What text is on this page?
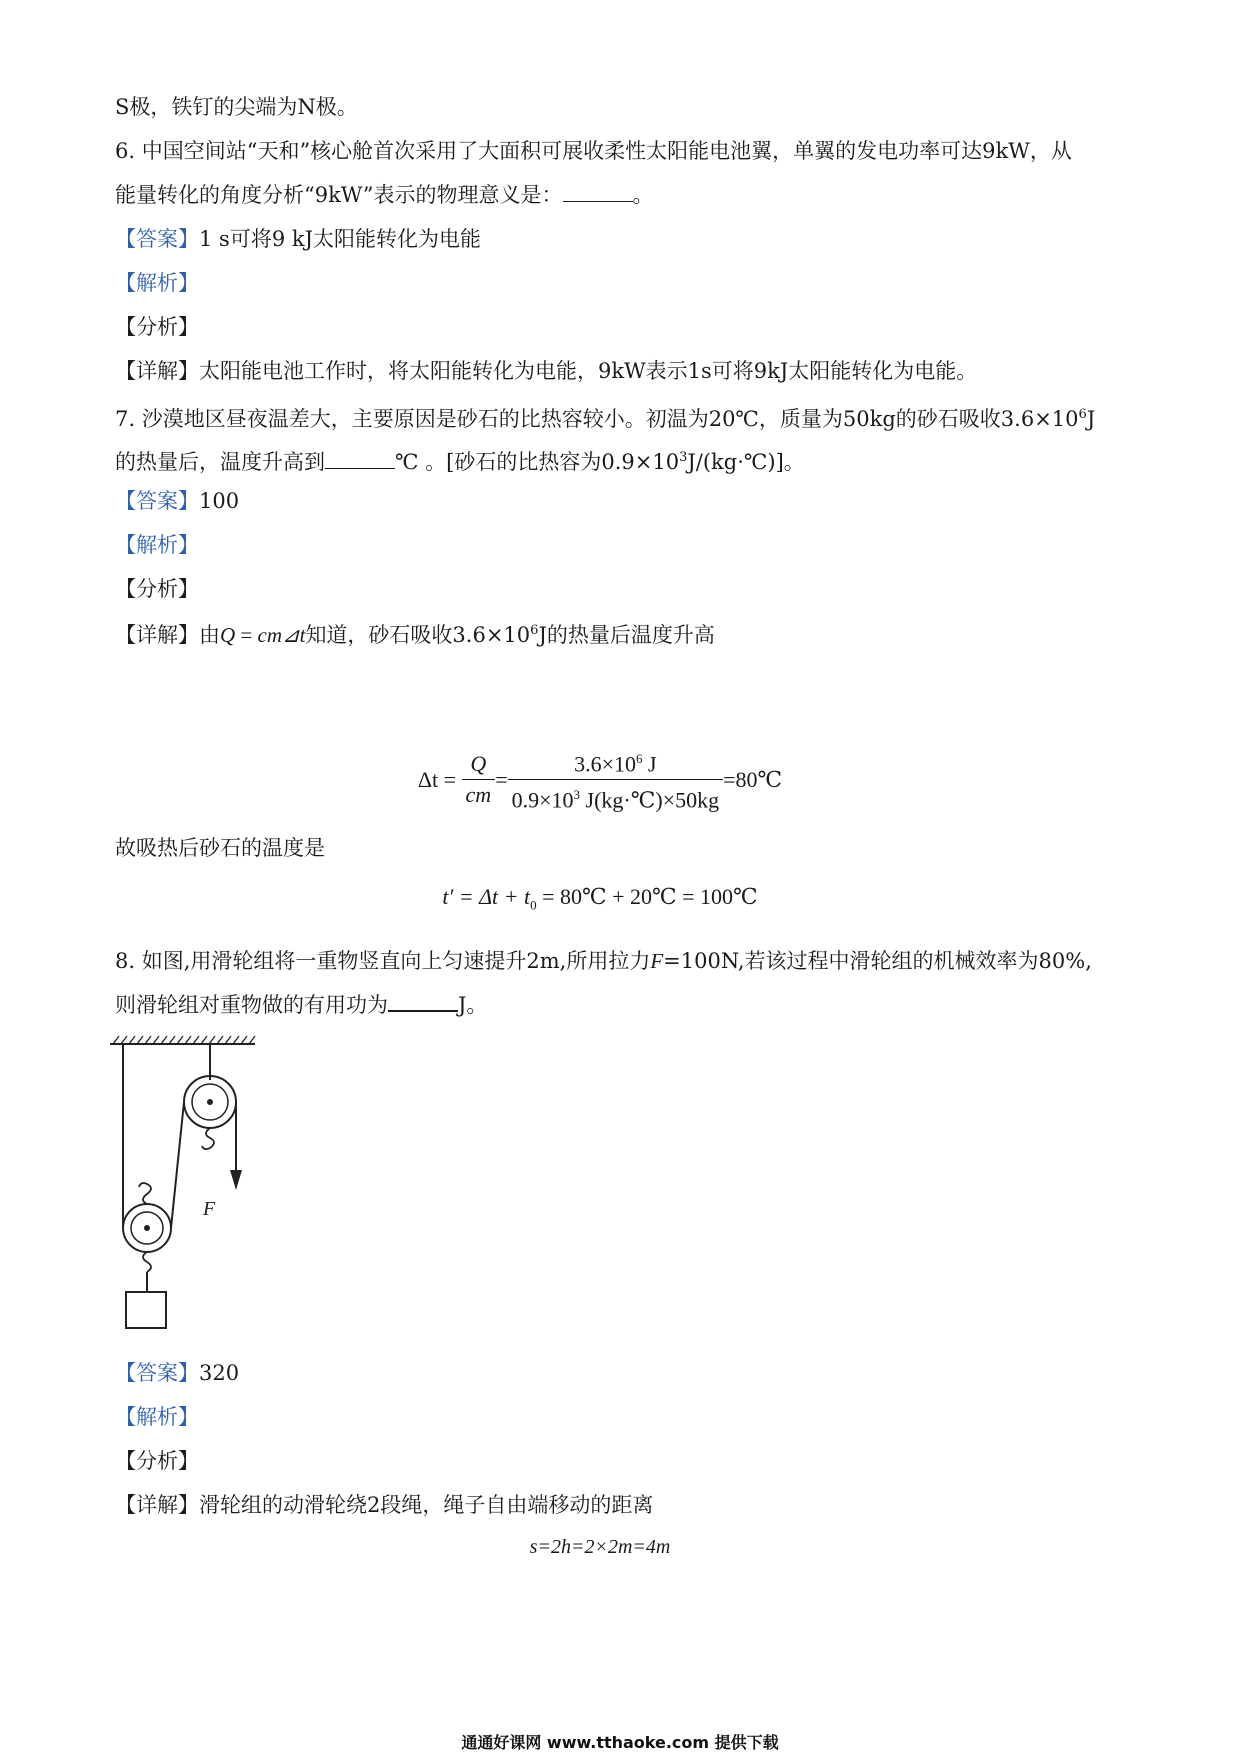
S极，铁钉的尖端为N极。
6. 中国空间站“天和”核心舱首次采用了大面积可展收柔性太阳能电池翼，单翼的发电功率可达9kW，从
能量转化的角度分析“9kW”表示的物理意义是：	。
【答案】1 s可将9 kJ太阳能转化为电能
【解析】
【分析】
【详解】太阳能电池工作时，将太阳能转化为电能，9kW表示1s可将9kJ太阳能转化为电能。
7. 沙漠地区昼夜温差大，主要原因是砂石的比热容较小。初温为20℃，质量为50kg的砂石吸收$3.6\times 10^6J$
的热量后，温度升高到	℃ 。[砂石的比热容为$0.9\times 10^3J/(kg\cdot℃)$]。
【答案】100
【解析】
【分析】
【详解】由Q = cm⊿t知道，砂石吸收$3.6\times 10^6J$的热量后温度升高
$\Delta t = \frac{Q}{cm} = \frac{3.6\times 10^6 J}{0.9\times 10^3 J(kg\cdot℃)\times 50kg}$ =80℃
故吸热后砂石的温度是
$t' = \Delta t + t_0$ = 80℃ + 20℃ = 100℃
8. 如图,用滑轮组将一重物竖直向上匀速提升2m,所用拉力F=100N,若该过程中滑轮组的机械效率为80%,
则滑轮组对重物做的有用功为	J。
F
【答案】320
【解析】
【分析】
【详解】滑轮组的动滑轮绕2段绳，绳子自由端移动的距离
s=2h=2×2m=4m
通通好课网 www.tthaoke.com 提供下载
